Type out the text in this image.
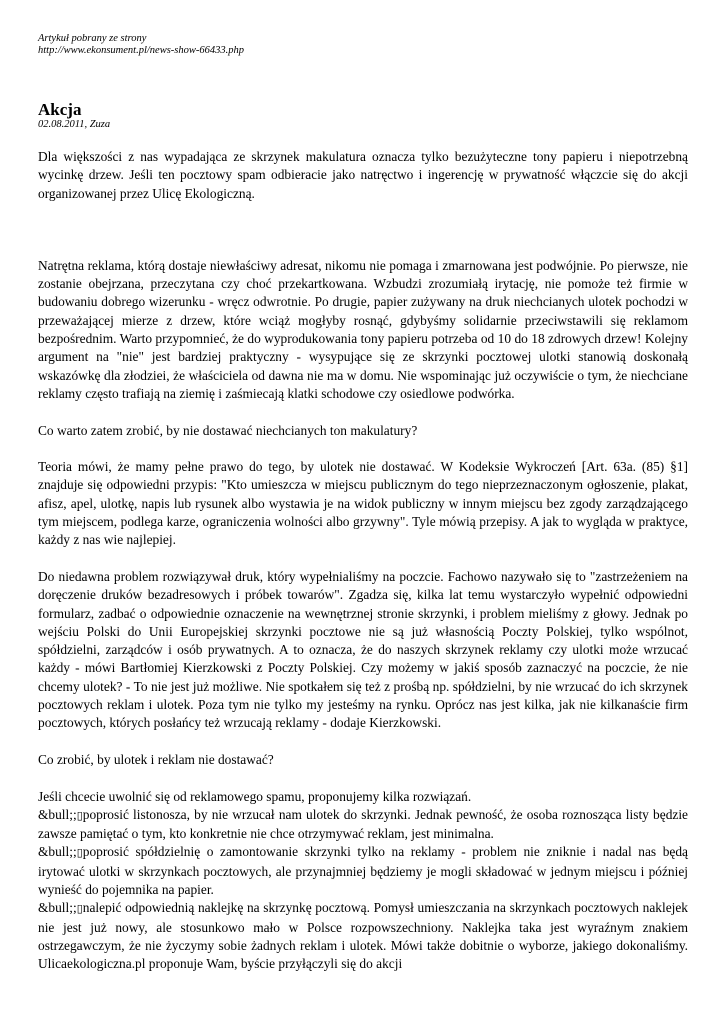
Artykuł pobrany ze strony
http://www.ekonsument.pl/news-show-66433.php
Akcja
02.08.2011, Zuza

Dla większości z nas wypadająca ze skrzynek makulatura oznacza tylko bezużyteczne tony papieru i niepotrzebną wycinkę drzew. Jeśli ten pocztowy spam odbieracie jako natręctwo i ingerencję w prywatność włączcie się do akcji organizowanej przez Ulicę Ekologiczną.

Natrętna reklama, którą dostaje niewłaściwy adresat, nikomu nie pomaga i zmarnowana jest podwójnie. Po pierwsze, nie zostanie obejrzana, przeczytana czy choć przekartkowana. Wzbudzi zrozumiałą irytację, nie pomoże też firmie w budowaniu dobrego wizerunku - wręcz odwrotnie. Po drugie, papier zużywany na druk niechcianych ulotek pochodzi w przeważającej mierze z drzew, które wciąż mogłyby rosnąć, gdybyśmy solidarnie przeciwstawili się reklamom bezpośrednim. Warto przypomnieć, że do wyprodukowania tony papieru potrzeba od 10 do 18 zdrowych drzew! Kolejny argument na "nie" jest bardziej praktyczny - wysypujące się ze skrzynki pocztowej ulotki stanowią doskonałą wskazówkę dla złodziei, że właściciela od dawna nie ma w domu. Nie wspominając już oczywiście o tym, że niechciane reklamy często trafiają na ziemię i zaśmiecają klatki schodowe czy osiedlowe podwórka.

Co warto zatem zrobić, by nie dostawać niechcianych ton makulatury?

Teoria mówi, że mamy pełne prawo do tego, by ulotek nie dostawać. W Kodeksie Wykroczeń [Art. 63a. (85) §1] znajduje się odpowiedni przypis: "Kto umieszcza w miejscu publicznym do tego nieprzeznaczonym ogłoszenie, plakat, afisz, apel, ulotkę, napis lub rysunek albo wystawia je na widok publiczny w innym miejscu bez zgody zarządzającego tym miejscem, podlega karze, ograniczenia wolności albo grzywny". Tyle mówią przepisy. A jak to wygląda w praktyce, każdy z nas wie najlepiej.

Do niedawna problem rozwiązywał druk, który wypełnialiśmy na poczcie. Fachowo nazywało się to "zastrzeżeniem na doręczenie druków bezadresowych i próbek towarów". Zgadza się, kilka lat temu wystarczyło wypełnić odpowiedni formularz, zadbać o odpowiednie oznaczenie na wewnętrznej stronie skrzynki, i problem mieliśmy z głowy. Jednak po wejściu Polski do Unii Europejskiej skrzynki pocztowe nie są już własnością Poczty Polskiej, tylko wspólnot, spółdzielni, zarządców i osób prywatnych. A to oznacza, że do naszych skrzynek reklamy czy ulotki może wrzucać każdy - mówi Bartłomiej Kierzkowski z Poczty Polskiej. Czy możemy w jakiś sposób zaznaczyć na poczcie, że nie chcemy ulotek? - To nie jest już możliwe. Nie spotkałem się też z prośbą np. spółdzielni, by nie wrzucać do ich skrzynek pocztowych reklam i ulotek. Poza tym nie tylko my jesteśmy na rynku. Oprócz nas jest kilka, jak nie kilkanaście firm pocztowych, których posłańcy też wrzucają reklamy - dodaje Kierzkowski.

Co zrobić, by ulotek i reklam nie dostawać?

Jeśli chcecie uwolnić się od reklamowego spamu, proponujemy kilka rozwiązań.

&bull;;▯poprosić listonosza, by nie wrzucał nam ulotek do skrzynki. Jednak pewność, że osoba roznosząca listy będzie zawsze pamiętać o tym, kto konkretnie nie chce otrzymywać reklam, jest minimalna.

&bull;;▯poprosić spółdzielnię o zamontowanie skrzynki tylko na reklamy - problem nie zniknie i nadal nas będą irytować ulotki w skrzynkach pocztowych, ale przynajmniej będziemy je mogli składować w jednym miejscu i później wynieść do pojemnika na papier.

&bull;;▯nalepić odpowiednią naklejkę na skrzynkę pocztową. Pomysł umieszczania na skrzynkach pocztowych naklejek nie jest już nowy, ale stosunkowo mało w Polsce rozpowszechniony. Naklejka taka jest wyraźnym znakiem ostrzegawczym, że nie życzymy sobie żadnych reklam i ulotek. Mówi także dobitnie o wyborze, jakiego dokonaliśmy. Ulicaekologiczna.pl proponuje Wam, byście przyłączyli się do akcji
